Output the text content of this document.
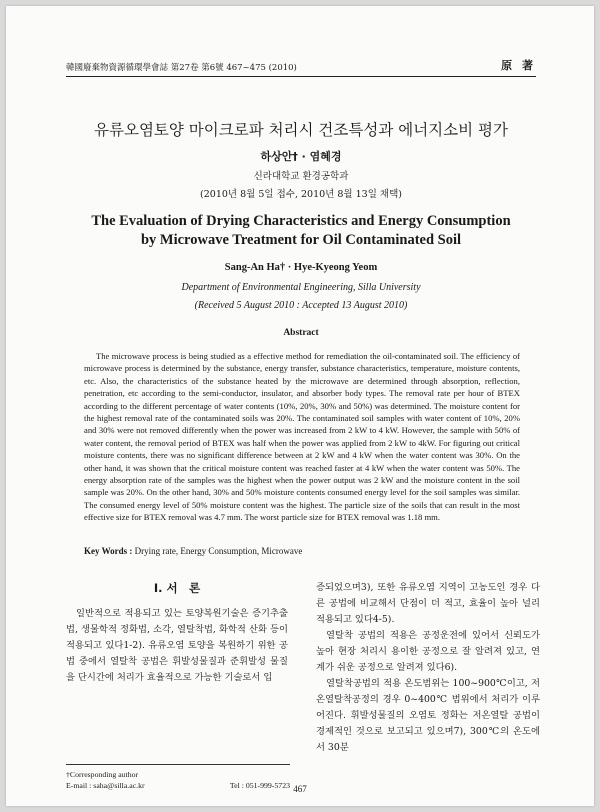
韓國廢棄物資源循環學會誌 第27卷 第6號 467~475 (2010)	原 著
유류오염토양 마이크로파 처리시 건조특성과 에너지소비 평가
하상안† · 염혜경
신라대학교 환경공학과
(2010년 8월 5일 접수, 2010년 8월 13일 채택)
The Evaluation of Drying Characteristics and Energy Consumption
by Microwave Treatment for Oil Contaminated Soil
Sang-An Ha† · Hye-Kyeong Yeom
Department of Environmental Engineering, Silla University
(Received 5 August 2010 : Accepted 13 August 2010)
Abstract
The microwave process is being studied as a effective method for remediation the oil-contaminated soil. The efficiency of microwave process is determined by the substance, energy transfer, substance characteristics, temperature, moisture contents, etc. Also, the characteristics of the substance heated by the microwave are determined through absorption, reflection, penetration, etc according to the semi-conductor, insulator, and absorber body types. The removal rate per hour of BTEX according to the different percentage of water contents (10%, 20%, 30% and 50%) was determined. The moisture content for the highest removal rate of the contaminated soils was 20%. The contaminated soil samples with water content of 10%, 20% and 30% were not removed differently when the power was increased from 2 kW to 4 kW. However, the sample with 50% of water content, the removal period of BTEX was half when the power was applied from 2 kW to 4kW. For figuring out critical moisture contents, there was no significant difference between at 2 kW and 4 kW when the water content was 30%. On the other hand, it was shown that the critical moisture content was reached faster at 4 kW when the water content was 50%. The energy absorption rate of the samples was the highest when the power output was 2 kW and the moisture content in the soil sample was 20%. On the other hand, 30% and 50% moisture contents consumed energy level for the soil samples was similar. The consumed energy level of 50% moisture content was the highest. The particle size of the soils that can result in the most effective size for BTEX removal was 4.7 mm. The worst particle size for BTEX removal was 1.18 mm.
Key Words : Drying rate, Energy Consumption, Microwave
I. 서　론

일반적으로 적용되고 있는 토양복원기술은 증기추출법, 생물학적 정화법, 소각, 열탈착법, 화학적 산화 등이 적용되고 있다1-2). 유류오염 토양을 복원하기 위한 공법 중에서 열탈착 공법은 휘발성물질과 준휘발성 물질을 단시간에 처리가 효율적으로 가능한 기술로서 입

증되었으며3), 또한 유류오염 지역이 고농도인 경우 다른 공법에 비교해서 단점이 더 적고, 효율이 높아 널리 적용되고 있다4-5).

열탈착 공법의 적용은 공정운전에 있어서 신뢰도가 높아 현장 처리시 용이한 공정으로 잘 알려져 있고, 연계가 쉬운 공정으로 알려져 있다6).

열탈착공법의 적용 온도범위는 100~900℃이고, 저온열탈착공정의 경우 0~400℃ 범위에서 처리가 이루어진다. 휘발성물질의 오염토 정화는 저온열탈 공법이 경제적인 것으로 보고되고 있으며7), 300℃의 온도에서 30분

†Corresponding author
E-mail : saha@silla.ac.kr	Tel : 051-999-5723 467
